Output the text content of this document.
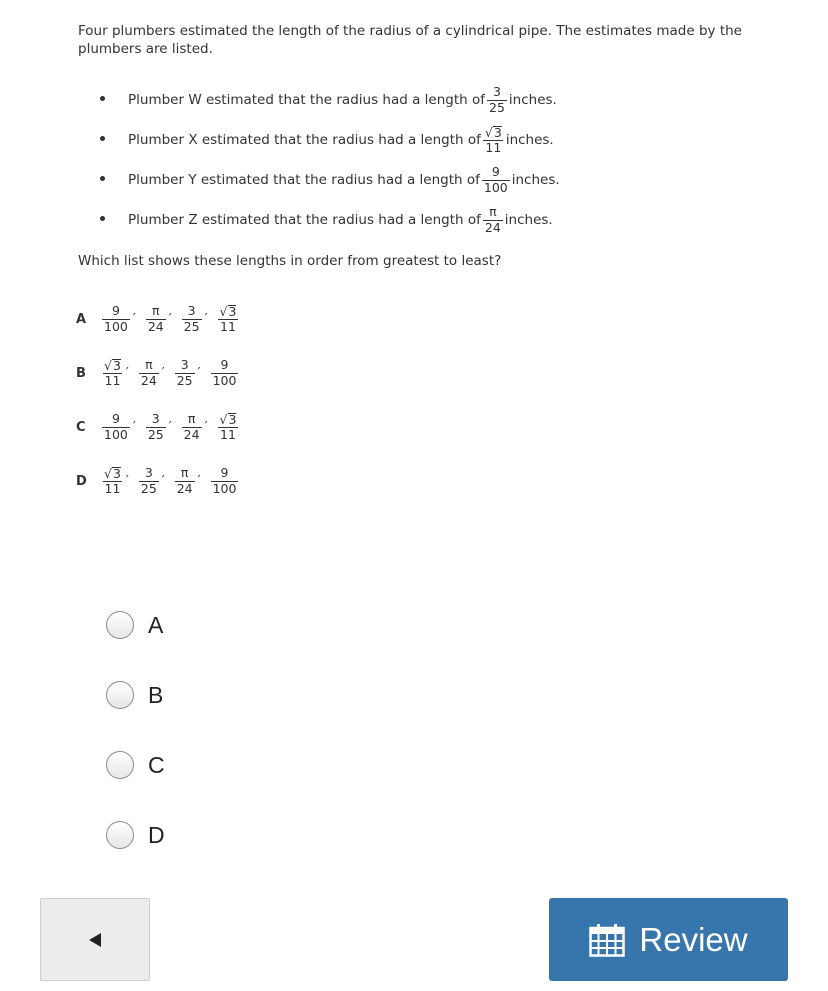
Four plumbers estimated the length of the radius of a cylindrical pipe. The estimates made by the plumbers are listed.

Plumber W estimated that the radius had a length of $\frac{3}{25}$ inches.
Plumber X estimated that the radius had a length of $\frac{√ 3}{11}$ inches.
Plumber Y estimated that the radius had a length of $\frac{9}{100}$ inches.
Plumber Z estimated that the radius had a length of $\frac{\pi}{24}$ inches.

Which list shows these lengths in order from greatest to least?

A	$\frac{9}{100}$ ′ $\frac{\pi}{24}$ ′ $\frac{3}{25}$ ′ $\frac{√ 3}{11}$
B	$\frac{√ 3}{11}$ ′ $\frac{\pi}{24}$ ′ $\frac{3}{25}$ ′ $\frac{9}{100}$
C	$\frac{9}{100}$ ′ $\frac{3}{25}$ ′ $\frac{\pi}{24}$ ′ $\frac{√ 3}{11}$
D	$\frac{√ 3}{11}$ ′ $\frac{3}{25}$ ′ $\frac{\pi}{24}$ ′ $\frac{9}{100}$
A
B
C
D
Review
